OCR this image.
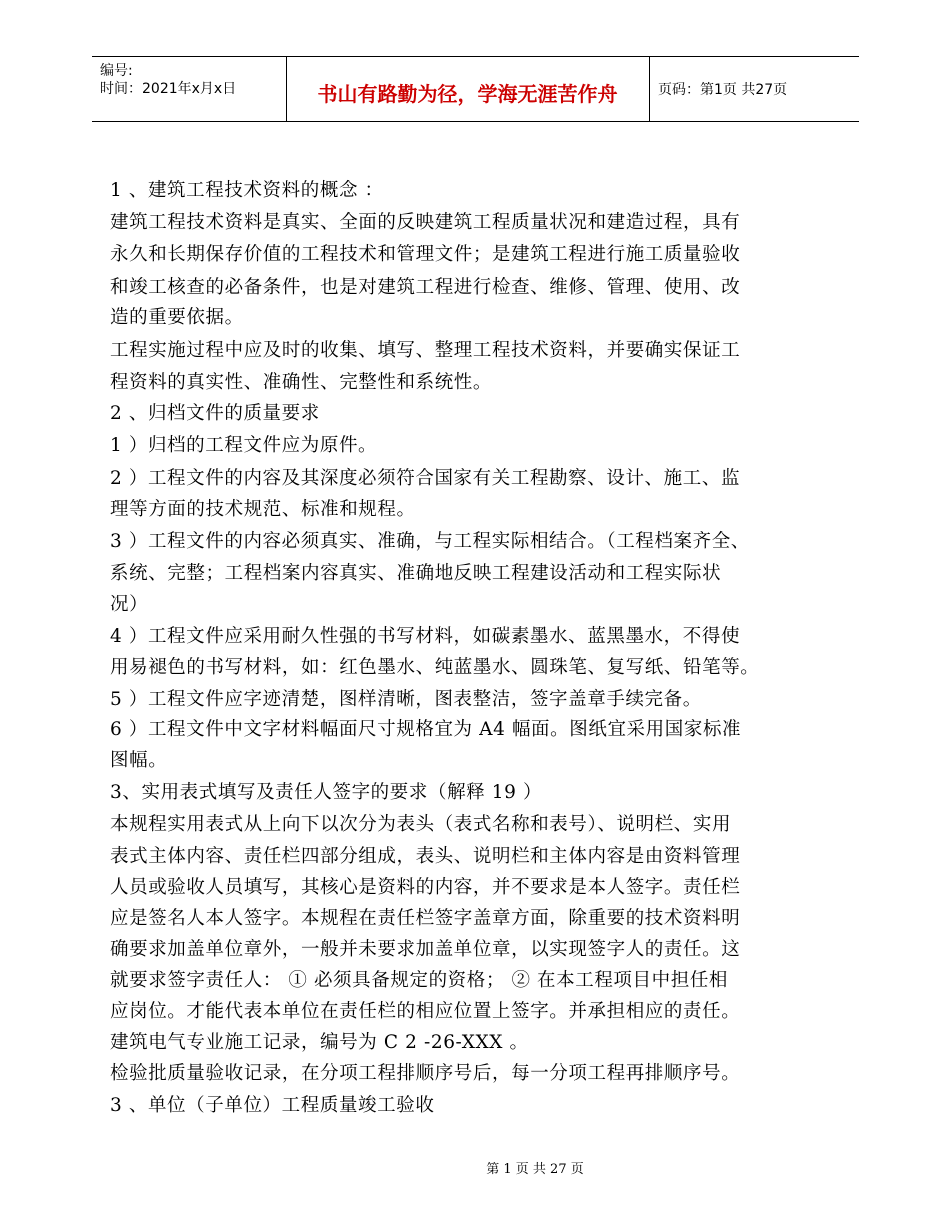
编号:
时间：2021年x月x日	书山有路勤为径，学海无涯苦作舟	页码：第1页 共27页
1 、建筑工程技术资料的概念 ：
建筑工程技术资料是真实、全面的反映建筑工程质量状况和建造过程，具有
永久和长期保存价值的工程技术和管理文件；是建筑工程进行施工质量验收
和竣工核查的必备条件，也是对建筑工程进行检查、维修、管理、使用、改
造的重要依据。
工程实施过程中应及时的收集、填写、整理工程技术资料，并要确实保证工
程资料的真实性、准确性、完整性和系统性。
2 、归档文件的质量要求
1 ）归档的工程文件应为原件。
2 ）工程文件的内容及其深度必须符合国家有关工程勘察、设计、施工、监
理等方面的技术规范、标准和规程。
3 ）工程文件的内容必须真实、准确，与工程实际相结合。（工程档案齐全、
系统、完整；工程档案内容真实、准确地反映工程建设活动和工程实际状
况）
4 ）工程文件应采用耐久性强的书写材料，如碳素墨水、蓝黑墨水，不得使
用易褪色的书写材料，如：红色墨水、纯蓝墨水、圆珠笔、复写纸、铅笔等。
5 ）工程文件应字迹清楚，图样清晰，图表整洁，签字盖章手续完备。
6 ）工程文件中文字材料幅面尺寸规格宜为 A4 幅面。图纸宜采用国家标准
图幅。
3、实用表式填写及责任人签字的要求（解释 19 ）
本规程实用表式从上向下以次分为表头（表式名称和表号）、说明栏、实用
表式主体内容、责任栏四部分组成，表头、说明栏和主体内容是由资料管理
人员或验收人员填写，其核心是资料的内容，并不要求是本人签字。责任栏
应是签名人本人签字。本规程在责任栏签字盖章方面，除重要的技术资料明
确要求加盖单位章外，一般并未要求加盖单位章，以实现签字人的责任。这
就要求签字责任人： ① 必须具备规定的资格； ② 在本工程项目中担任相
应岗位。才能代表本单位在责任栏的相应位置上签字。并承担相应的责任。
建筑电气专业施工记录，编号为 C 2 -26-XXX 。
检验批质量验收记录，在分项工程排顺序号后，每一分项工程再排顺序号。
3 、单位（子单位）工程质量竣工验收
第 1 页 共 27 页
